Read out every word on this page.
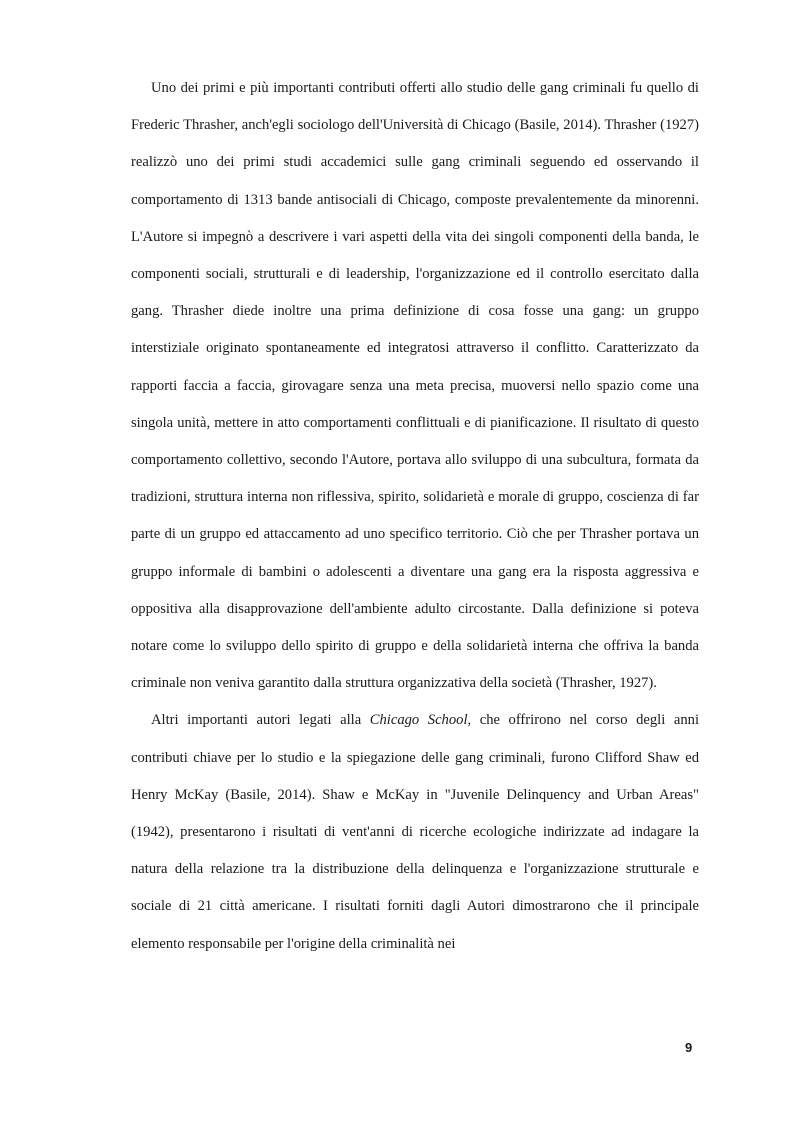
Uno dei primi e più importanti contributi offerti allo studio delle gang criminali fu quello di Frederic Thrasher, anch'egli sociologo dell'Università di Chicago (Basile, 2014). Thrasher (1927) realizzò uno dei primi studi accademici sulle gang criminali seguendo ed osservando il comportamento di 1313 bande antisociali di Chicago, composte prevalentemente da minorenni. L'Autore si impegnò a descrivere i vari aspetti della vita dei singoli componenti della banda, le componenti sociali, strutturali e di leadership, l'organizzazione ed il controllo esercitato dalla gang. Thrasher diede inoltre una prima definizione di cosa fosse una gang: un gruppo interstiziale originato spontaneamente ed integratosi attraverso il conflitto. Caratterizzato da rapporti faccia a faccia, girovagare senza una meta precisa, muoversi nello spazio come una singola unità, mettere in atto comportamenti conflittuali e di pianificazione. Il risultato di questo comportamento collettivo, secondo l'Autore, portava allo sviluppo di una subcultura, formata da tradizioni, struttura interna non riflessiva, spirito, solidarietà e morale di gruppo, coscienza di far parte di un gruppo ed attaccamento ad uno specifico territorio. Ciò che per Thrasher portava un gruppo informale di bambini o adolescenti a diventare una gang era la risposta aggressiva e oppositiva alla disapprovazione dell'ambiente adulto circostante. Dalla definizione si poteva notare come lo sviluppo dello spirito di gruppo e della solidarietà interna che offriva la banda criminale non veniva garantito dalla struttura organizzativa della società (Thrasher, 1927).

Altri importanti autori legati alla Chicago School, che offrirono nel corso degli anni contributi chiave per lo studio e la spiegazione delle gang criminali, furono Clifford Shaw ed Henry McKay (Basile, 2014). Shaw e McKay in "Juvenile Delinquency and Urban Areas" (1942), presentarono i risultati di vent'anni di ricerche ecologiche indirizzate ad indagare la natura della relazione tra la distribuzione della delinquenza e l'organizzazione strutturale e sociale di 21 città americane. I risultati forniti dagli Autori dimostrarono che il principale elemento responsabile per l'origine della criminalità nei

9
